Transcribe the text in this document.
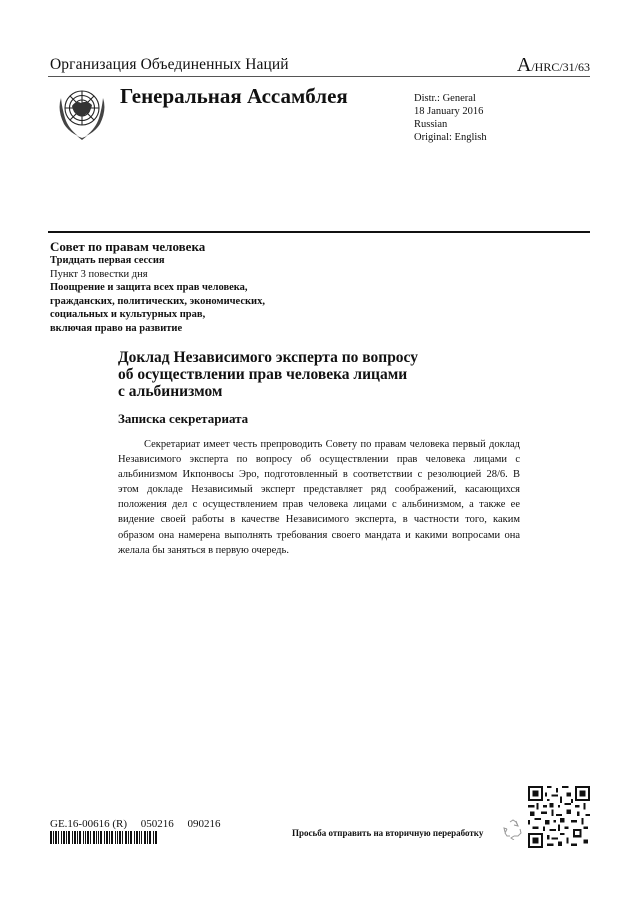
Организация Объединенных Наций	A/HRC/31/63
Генеральная Ассамблея	Distr.: General
18 January 2016
Russian
Original: English
Совет по правам человека
Тридцать первая сессия
Пункт 3 повестки дня
Поощрение и защита всех прав человека,
гражданских, политических, экономических,
социальных и культурных прав,
включая право на развитие
Доклад Независимого эксперта по вопросу
об осуществлении прав человека лицами
с альбинизмом
Записка секретариата
Секретариат имеет честь препроводить Совету по правам человека первый доклад Независимого эксперта по вопросу об осуществлении прав человека лицами с альбинизмом Икпонвосы Эро, подготовленный в соответствии с резолюцией 28/6. В этом докладе Независимый эксперт представляет ряд соображений, касающихся положения дел с осуществлением прав человека лицами с альбинизмом, а также ее видение своей работы в качестве Независимого эксперта, в частности того, каким образом она намерена выполнять требования своего мандата и какими вопросами она желала бы заняться в первую очередь.
GE.16-00616 (R) 050216 090216
Просьба отправить на вторичную переработку
